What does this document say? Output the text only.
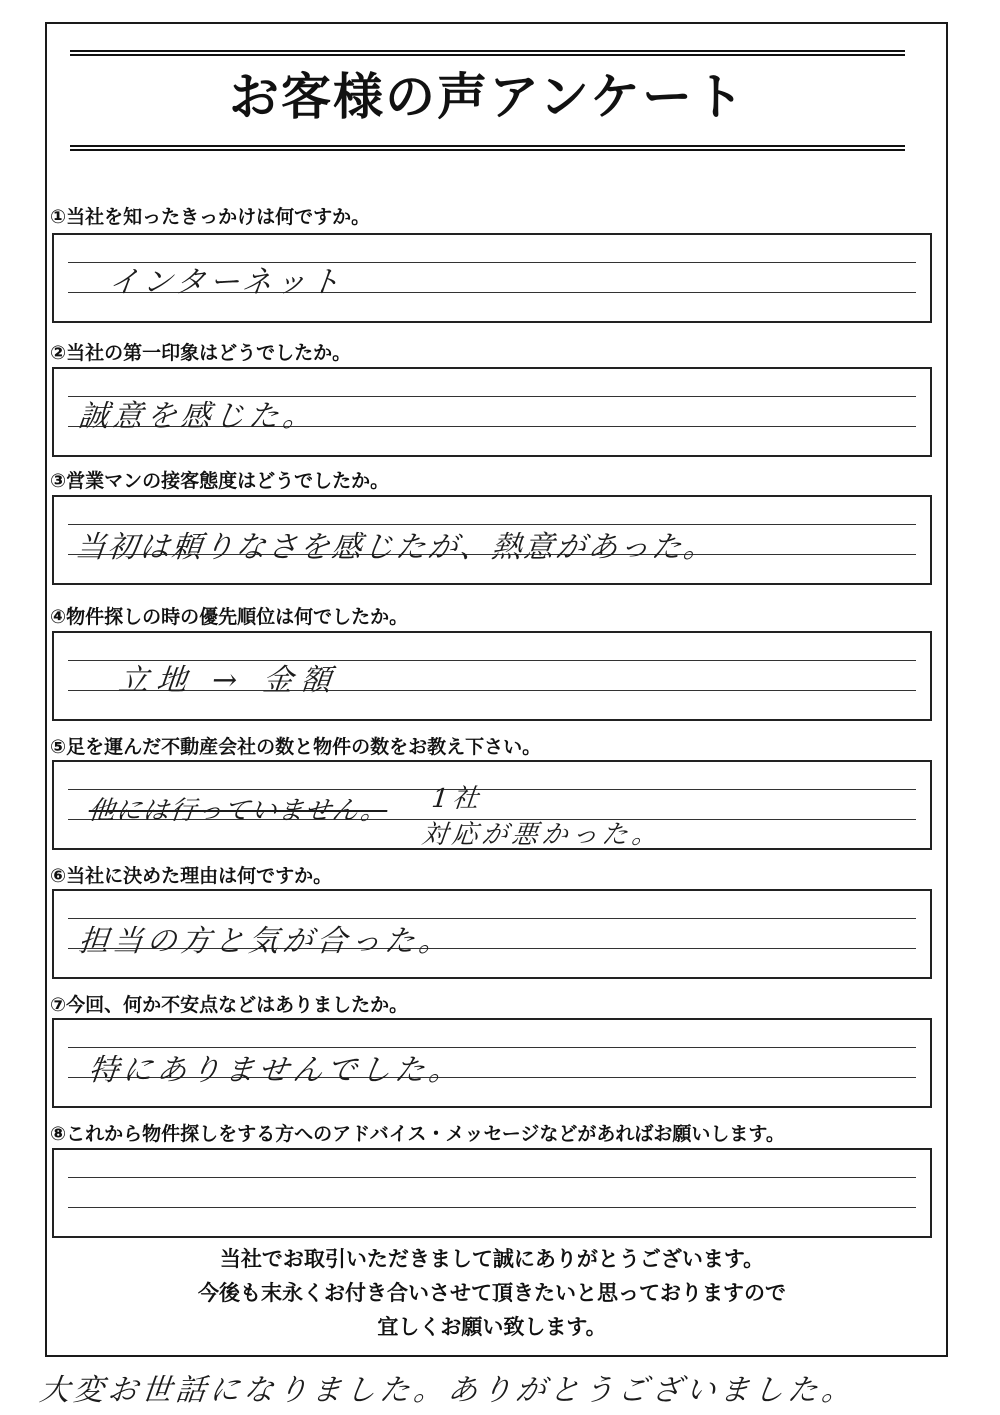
お客様の声アンケート
①当社を知ったきっかけは何ですか。
インターネット
②当社の第一印象はどうでしたか。
誠意を感じた。
③営業マンの接客態度はどうでしたか。
当初は頼りなさを感じたが、熱意があった。
④物件探しの時の優先順位は何でしたか。
立地 → 金額
⑤足を運んだ不動産会社の数と物件の数をお教え下さい。
他には行っていません。 1社
対応が悪かった。
⑥当社に決めた理由は何ですか。
担当の方と気が合った。
⑦今回、何か不安点などはありましたか。
特にありませんでした。
⑧これから物件探しをする方へのアドバイス・メッセージなどがあればお願いします。
当社でお取引いただきまして誠にありがとうございます。
今後も末永くお付き合いさせて頂きたいと思っておりますので
宜しくお願い致します。
大変お世話になりました。ありがとうございました。
